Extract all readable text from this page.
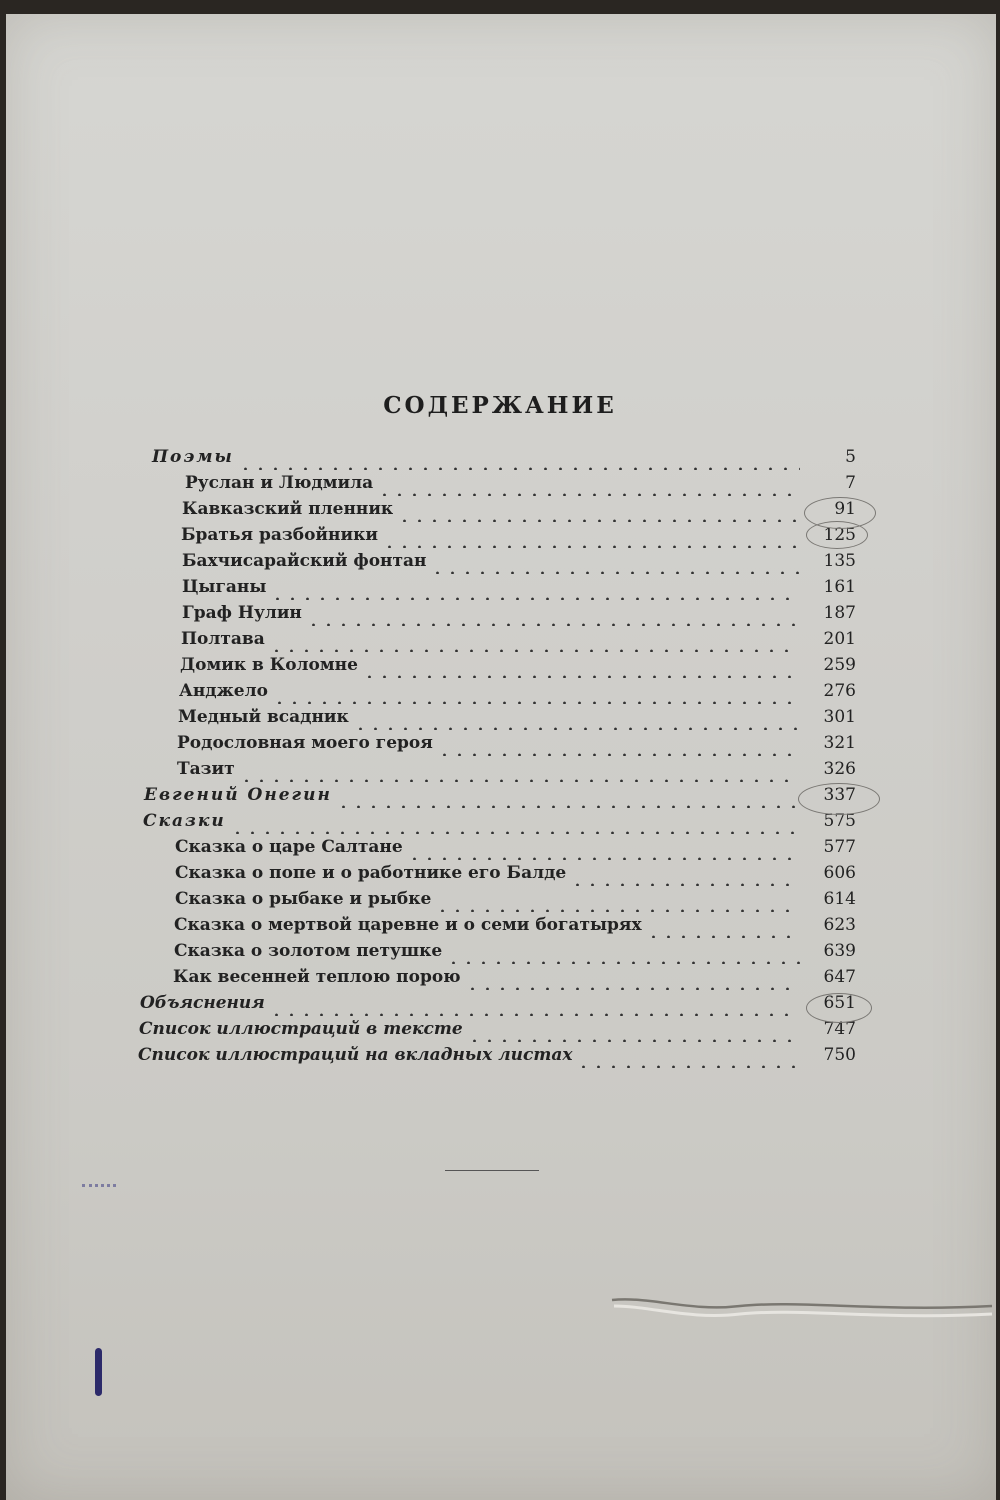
СОДЕРЖАНИЕ
Поэмы	5
Руслан и Людмила	7
Кавказский пленник	91
Братья разбойники	125
Бахчисарайский фонтан	135
Цыганы	161
Граф Нулин	187
Полтава	201
Домик в Коломне	259
Анджело	276
Медный всадник	301
Родословная моего героя	321
Тазит	326
Евгений Онегин	337
Сказки	575
Сказка о царе Салтане	577
Сказка о попе и о работнике его Балде	606
Сказка о рыбаке и рыбке	614
Сказка о мертвой царевне и о семи богатырях	623
Сказка о золотом петушке	639
Как весенней теплою порою	647
Объяснения	651
Список иллюстраций в тексте	747
Список иллюстраций на вкладных листах	750
